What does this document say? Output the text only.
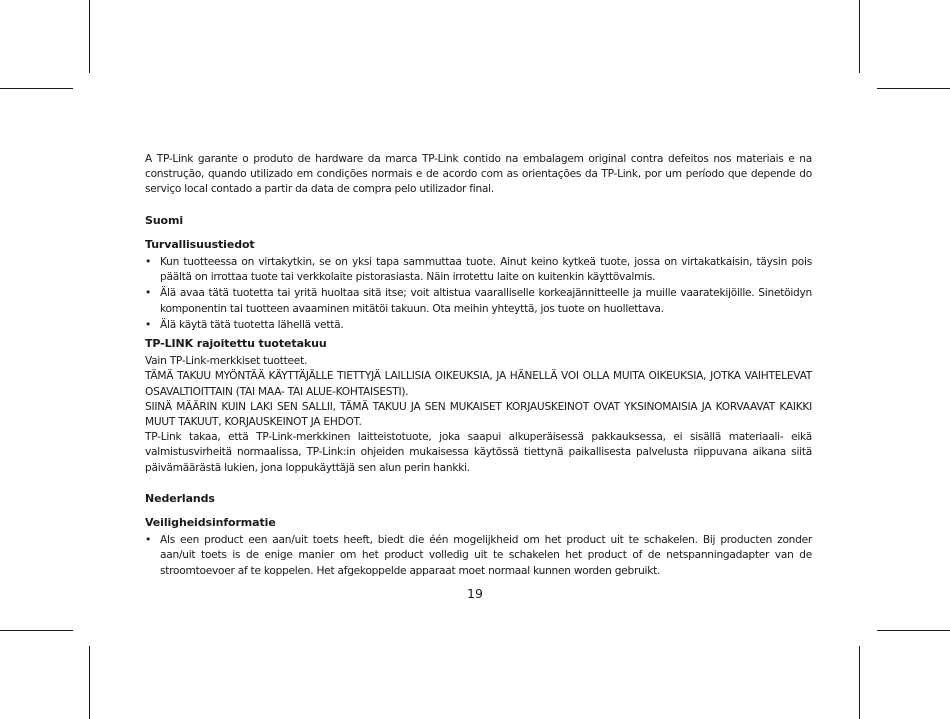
A TP-Link garante o produto de hardware da marca TP-Link contido na embalagem original contra defeitos nos materiais e na construção, quando utilizado em condições normais e de acordo com as orientações da TP-Link, por um período que depende do serviço local contado a partir da data de compra pelo utilizador final.

Suomi

Turvallisuustiedot

• Kun tuotteessa on virtakytkin, se on yksi tapa sammuttaa tuote. Ainut keino kytkeä tuote, jossa on virtakatkaisin, täysin pois päältä on irrottaa tuote tai verkkolaite pistorasiasta. Näin irrotettu laite on kuitenkin käyttövalmis.
• Älä avaa tätä tuotetta tai yritä huoltaa sitä itse; voit altistua vaaralliselle korkeajännitteelle ja muille vaaratekijöille. Sinetöidyn komponentin tai tuotteen avaaminen mitätöi takuun. Ota meihin yhteyttä, jos tuote on huollettava.
• Älä käytä tätä tuotetta lähellä vettä.

TP-LINK rajoitettu tuotetakuu

Vain TP-Link-merkkiset tuotteet.

TÄMÄ TAKUU MYÖNTÄÄ KÄYTTÄJÄLLE TIETTYJÄ LAILLISIA OIKEUKSIA, JA HÄNELLÄ VOI OLLA MUITA OIKEUKSIA, JOTKA VAIHTELEVAT OSAVALTIOITTAIN (TAI MAA- TAI ALUE-KOHTAISESTI).

SIINÄ MÄÄRIN KUIN LAKI SEN SALLII, TÄMÄ TAKUU JA SEN MUKAISET KORJAUSKEINOT OVAT YKSINOMAISIA JA KORVAAVAT KAIKKI MUUT TAKUUT, KORJAUSKEINOT JA EHDOT.

TP-Link takaa, että TP-Link-merkkinen laitteistotuote, joka saapui alkuperäisessä pakkauksessa, ei sisällä materiaali- eikä valmistusvirheitä normaalissa, TP-Link:in ohjeiden mukaisessa käytössä tiettynä paikallisesta palvelusta riippuvana aikana siitä päivämäärästä lukien, jona loppukäyttäjä sen alun perin hankki.

Nederlands

Veiligheidsinformatie

• Als een product een aan/uit toets heeft, biedt die één mogelijkheid om het product uit te schakelen. Bij producten zonder aan/uit toets is de enige manier om het product volledig uit te schakelen het product of de netspanningadapter van de stroomtoevoer af te koppelen. Het afgekoppelde apparaat moet normaal kunnen worden gebruikt.
19
